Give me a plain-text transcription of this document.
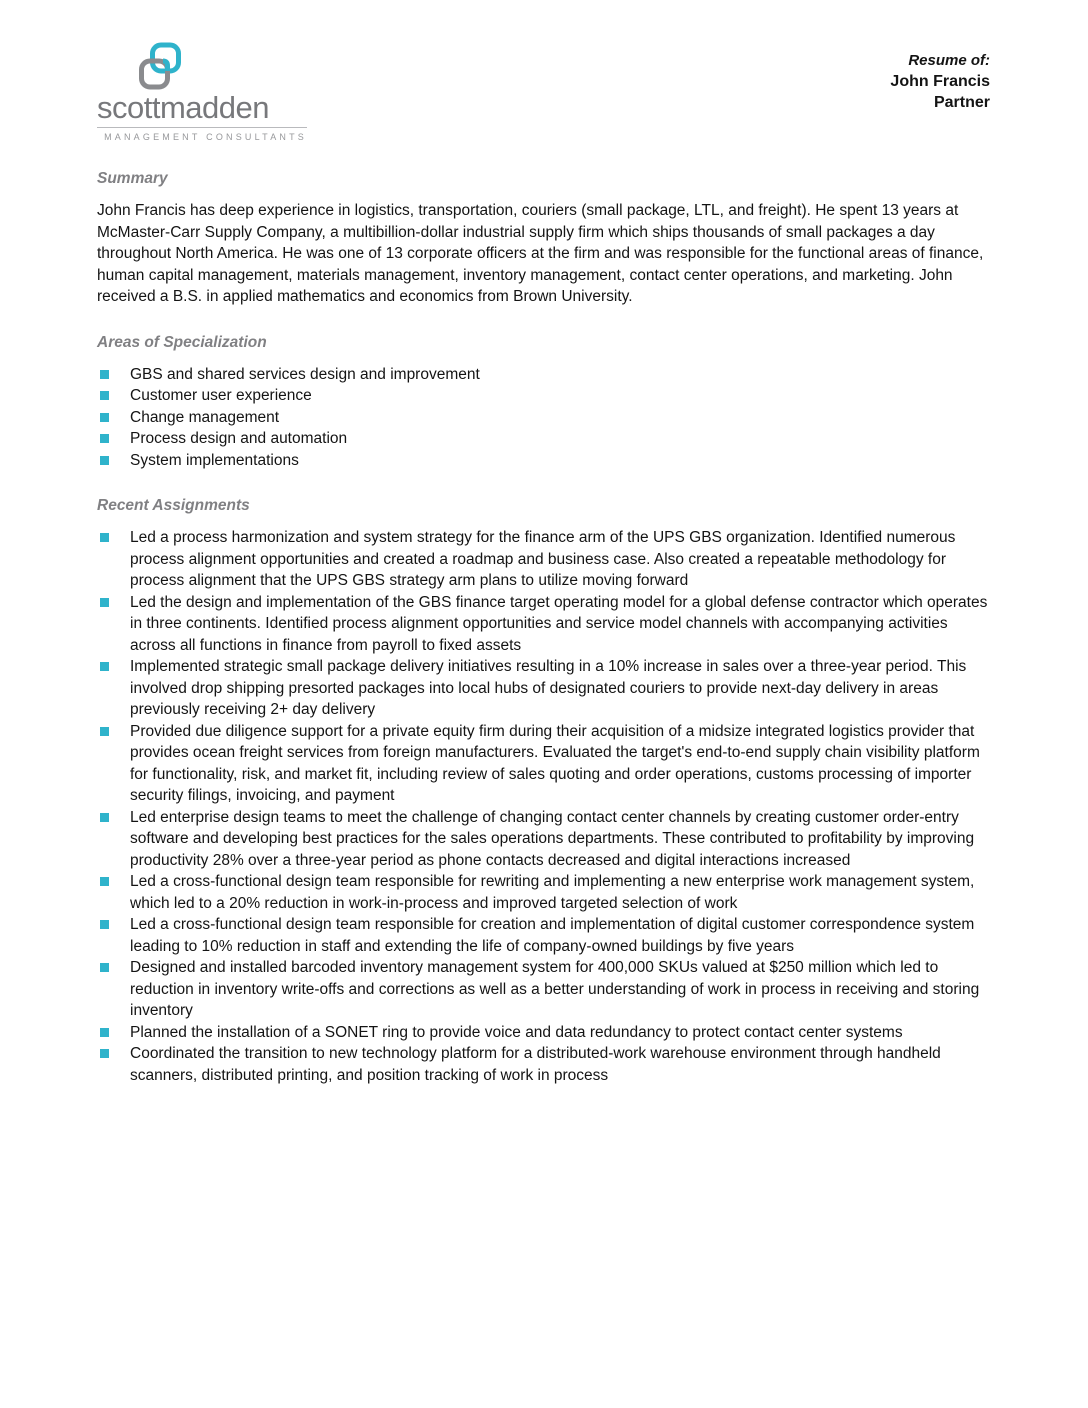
scottmadden
MANAGEMENT CONSULTANTS
Resume of:
John Francis
Partner
Summary

John Francis has deep experience in logistics, transportation, couriers (small package, LTL, and freight). He spent 13 years at McMaster-Carr Supply Company, a multibillion-dollar industrial supply firm which ships thousands of small packages a day throughout North America. He was one of 13 corporate officers at the firm and was responsible for the functional areas of finance, human capital management, materials management, inventory management, contact center operations, and marketing. John received a B.S. in applied mathematics and economics from Brown University.

Areas of Specialization
GBS and shared services design and improvement
Customer user experience
Change management
Process design and automation
System implementations
Recent Assignments
Led a process harmonization and system strategy for the finance arm of the UPS GBS organization. Identified numerous process alignment opportunities and created a roadmap and business case. Also created a repeatable methodology for process alignment that the UPS GBS strategy arm plans to utilize moving forward
Led the design and implementation of the GBS finance target operating model for a global defense contractor which operates in three continents. Identified process alignment opportunities and service model channels with accompanying activities across all functions in finance from payroll to fixed assets
Implemented strategic small package delivery initiatives resulting in a 10% increase in sales over a three-year period. This involved drop shipping presorted packages into local hubs of designated couriers to provide next-day delivery in areas previously receiving 2+ day delivery
Provided due diligence support for a private equity firm during their acquisition of a midsize integrated logistics provider that provides ocean freight services from foreign manufacturers. Evaluated the target's end-to-end supply chain visibility platform for functionality, risk, and market fit, including review of sales quoting and order operations, customs processing of importer security filings, invoicing, and payment
Led enterprise design teams to meet the challenge of changing contact center channels by creating customer order-entry software and developing best practices for the sales operations departments. These contributed to profitability by improving productivity 28% over a three-year period as phone contacts decreased and digital interactions increased
Led a cross-functional design team responsible for rewriting and implementing a new enterprise work management system, which led to a 20% reduction in work-in-process and improved targeted selection of work
Led a cross-functional design team responsible for creation and implementation of digital customer correspondence system leading to 10% reduction in staff and extending the life of company-owned buildings by five years
Designed and installed barcoded inventory management system for 400,000 SKUs valued at $250 million which led to reduction in inventory write-offs and corrections as well as a better understanding of work in process in receiving and storing inventory
Planned the installation of a SONET ring to provide voice and data redundancy to protect contact center systems
Coordinated the transition to new technology platform for a distributed-work warehouse environment through handheld scanners, distributed printing, and position tracking of work in process
